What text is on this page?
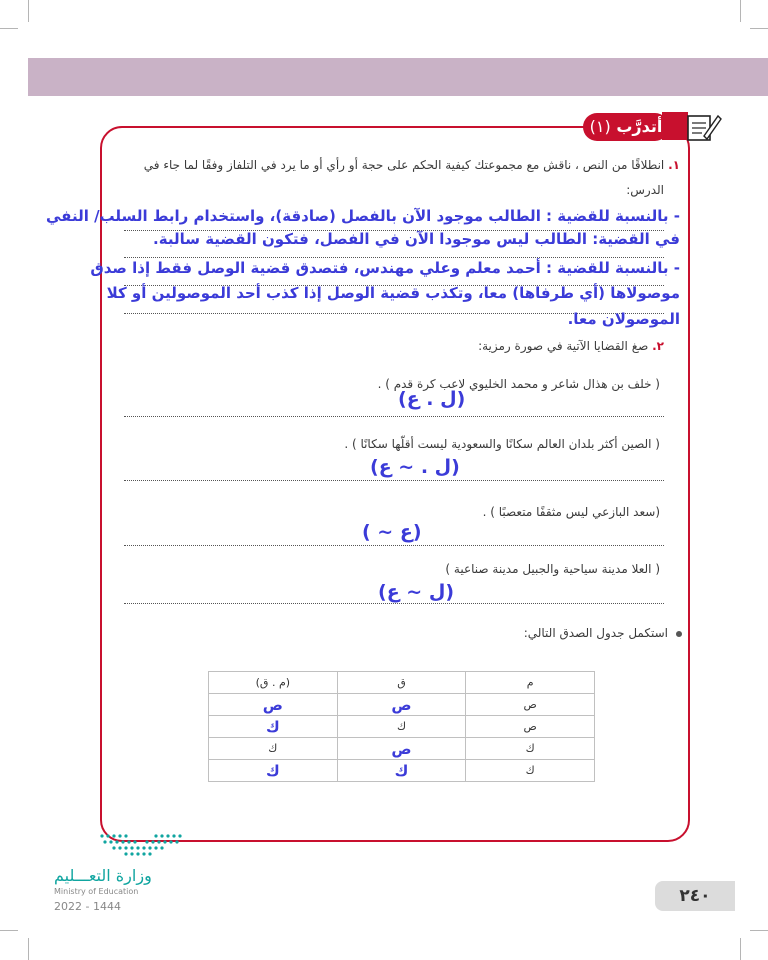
أتدرَّب (١)
١. انطلاقًا من النص ، ناقش مع مجموعتك كيفية الحكم على حجة أو رأي أو ما يرد في التلفاز وفقًا لما جاء في
الدرس:
- بالنسبة للقضية : الطالب موجود الآن بالفصل (صادقة)، واستخدام رابط السلب/ النفي
في القضية: الطالب ليس موجودا الآن في الفصل، فتكون القضية سالبة.
- بالنسبة للقضية : أحمد معلم وعلي مهندس، فتصدق قضية الوصل فقط إذا صدق
موصولاها (أي طرفاها) معا، وتكذب قضية الوصل إذا كذب أحد الموصولين أو كلا
الموصولان معا.
٢. صغ القضايا الآتية في صورة رمزية:
( خلف بن هذال شاعر و محمد الخليوي لاعب كرة قدم ) .
(ل . ع)
( الصين أكثر بلدان العالم سكانًا والسعودية ليست أقلّها سكانًا ) .
(ل . ~ ع)
(سعد البازعي ليس مثقفًا متعصبًا ) .
( ~ ع)
( العلا مدينة سياحية والجبيل مدينة صناعية )
(ل ~ ع)
استكمل جدول الصدق التالي:
م	ق	(م . ق)
ص	ص	ص
ص	ك	ك
ك	ص	ك
ك	ك	ك
وزارة التعـــليم
Ministry of Education
2022 - 1444
٢٤٠
